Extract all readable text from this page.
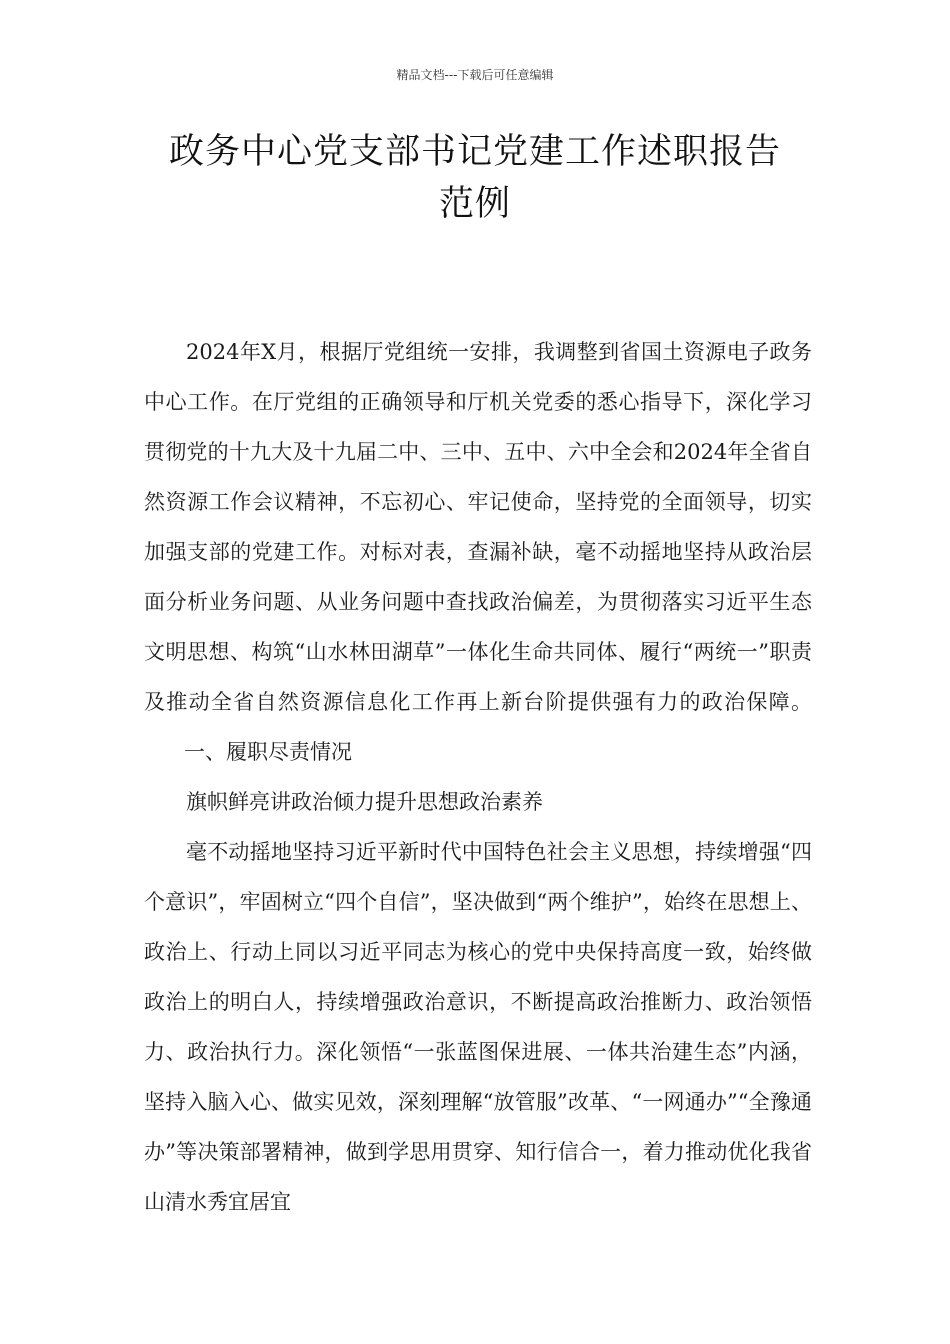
精品文档---下载后可任意编辑
政务中心党支部书记党建工作述职报告
范例

2024年X月，根据厅党组统一安排，我调整到省国土资源电子政务中心工作。在厅党组的正确领导和厅机关党委的悉心指导下，深化学习贯彻党的十九大及十九届二中、三中、五中、六中全会和2024年全省自然资源工作会议精神，不忘初心、牢记使命，坚持党的全面领导，切实加强支部的党建工作。对标对表，查漏补缺，毫不动摇地坚持从政治层面分析业务问题、从业务问题中查找政治偏差，为贯彻落实习近平生态文明思想、构筑“山水林田湖草”一体化生命共同体、履行“两统一”职责及推动全省自然资源信息化工作再上新台阶提供强有力的政治保障。一、履职尽责情况

旗帜鲜亮讲政治倾力提升思想政治素养

毫不动摇地坚持习近平新时代中国特色社会主义思想，持续增强“四个意识”，牢固树立“四个自信”，坚决做到“两个维护”，始终在思想上、政治上、行动上同以习近平同志为核心的党中央保持高度一致，始终做政治上的明白人，持续增强政治意识，不断提高政治推断力、政治领悟力、政治执行力。深化领悟“一张蓝图保进展、一体共治建生态”内涵，坚持入脑入心、做实见效，深刻理解“放管服”改革、“一网通办”“全豫通办”等决策部署精神，做到学思用贯穿、知行信合一，着力推动优化我省山清水秀宜居宜
